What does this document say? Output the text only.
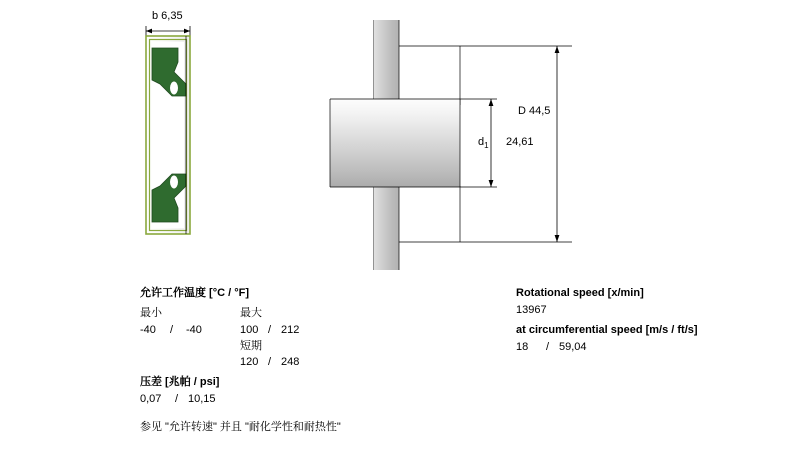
b 6,35
D 44,5
$d_1$ 24,61
允许工作温度 [°C / °F]
最小	最大
-40 / -40	100 / 212
短期
120 / 248
压差 [兆帕 / psi]
0,07 / 10,15
参见 "允许转速" 并且 "耐化学性和耐热性"
Rotational speed [x/min]
13967
at circumferential speed [m/s / ft/s]
18 / 59,04
